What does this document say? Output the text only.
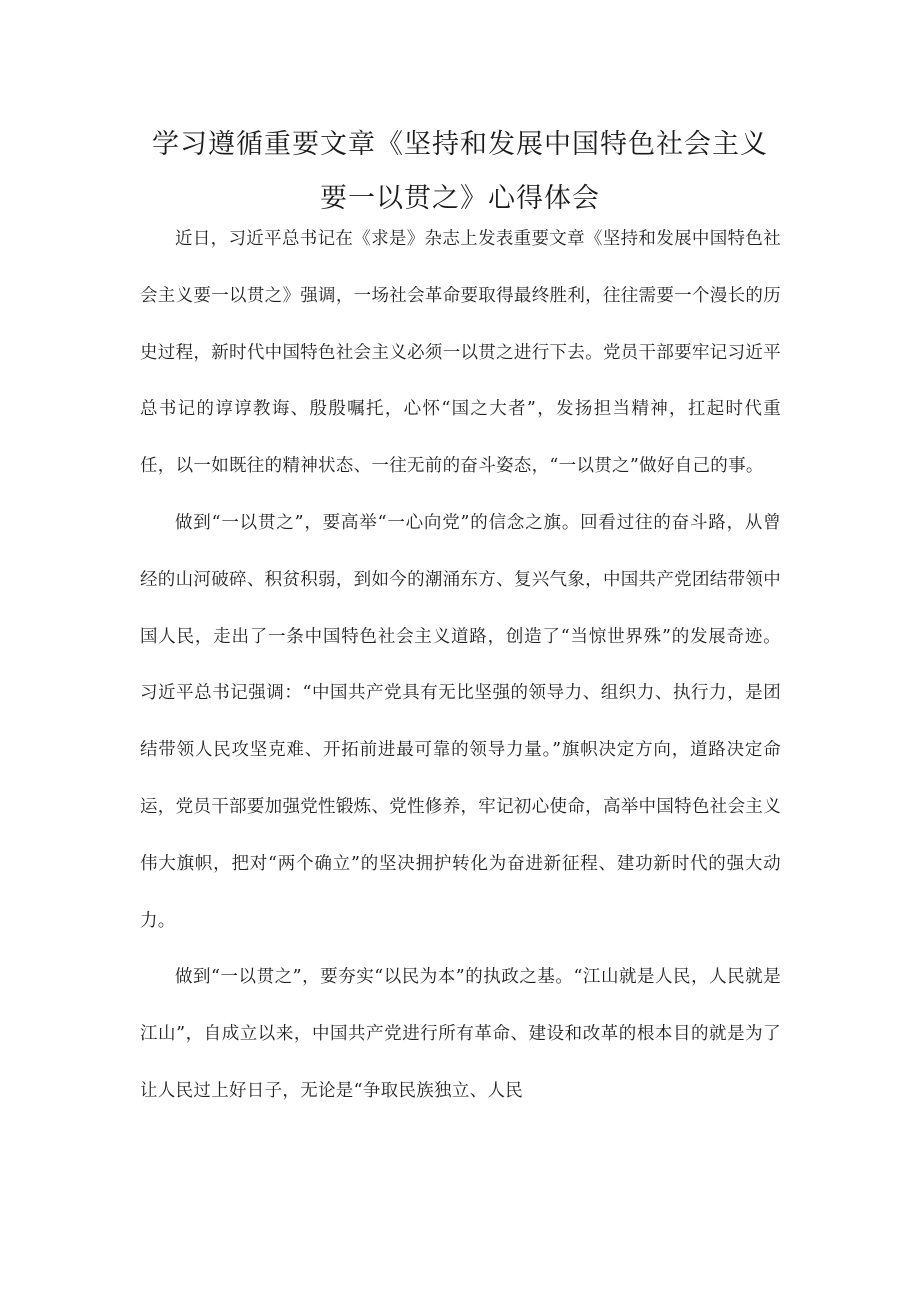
学习遵循重要文章《坚持和发展中国特色社会主义
要一以贯之》心得体会

近日，习近平总书记在《求是》杂志上发表重要文章《坚持和发展中国特色社会主义要一以贯之》强调，一场社会革命要取得最终胜利，往往需要一个漫长的历史过程，新时代中国特色社会主义必须一以贯之进行下去。党员干部要牢记习近平总书记的谆谆教诲、殷殷嘱托，心怀“国之大者”，发扬担当精神，扛起时代重任，以一如既往的精神状态、一往无前的奋斗姿态，“一以贯之”做好自己的事。

做到“一以贯之”，要高举“一心向党”的信念之旗。回看过往的奋斗路，从曾经的山河破碎、积贫积弱，到如今的潮涌东方、复兴气象，中国共产党团结带领中国人民，走出了一条中国特色社会主义道路，创造了“当惊世界殊”的发展奇迹。习近平总书记强调：“中国共产党具有无比坚强的领导力、组织力、执行力，是团结带领人民攻坚克难、开拓前进最可靠的领导力量。”旗帜决定方向，道路决定命运，党员干部要加强党性锻炼、党性修养，牢记初心使命，高举中国特色社会主义伟大旗帜，把对“两个确立”的坚决拥护转化为奋进新征程、建功新时代的强大动力。

做到“一以贯之”，要夯实“以民为本”的执政之基。“江山就是人民，人民就是江山”，自成立以来，中国共产党进行所有革命、建设和改革的根本目的就是为了让人民过上好日子，无论是“争取民族独立、人民
